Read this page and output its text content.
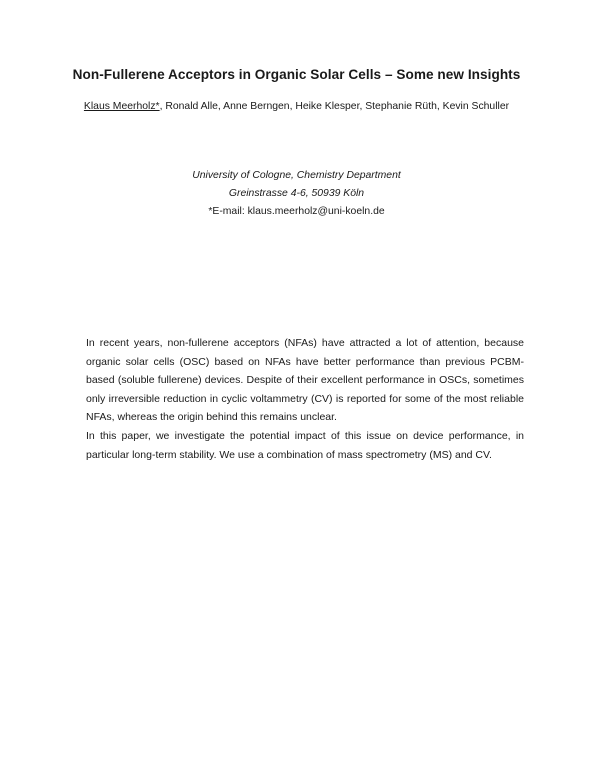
Non-Fullerene Acceptors in Organic Solar Cells – Some new Insights
Klaus Meerholz*, Ronald Alle, Anne Berngen, Heike Klesper, Stephanie Rüth, Kevin Schuller
University of Cologne, Chemistry Department
Greinstrasse 4-6, 50939 Köln
*E-mail: klaus.meerholz@uni-koeln.de

In recent years, non-fullerene acceptors (NFAs) have attracted a lot of attention, because organic solar cells (OSC) based on NFAs have better performance than previous PCBM-based (soluble fullerene) devices. Despite of their excellent performance in OSCs, sometimes only irreversible reduction in cyclic voltammetry (CV) is reported for some of the most reliable NFAs, whereas the origin behind this remains unclear.

In this paper, we investigate the potential impact of this issue on device performance, in particular long-term stability. We use a combination of mass spectrometry (MS) and CV.
